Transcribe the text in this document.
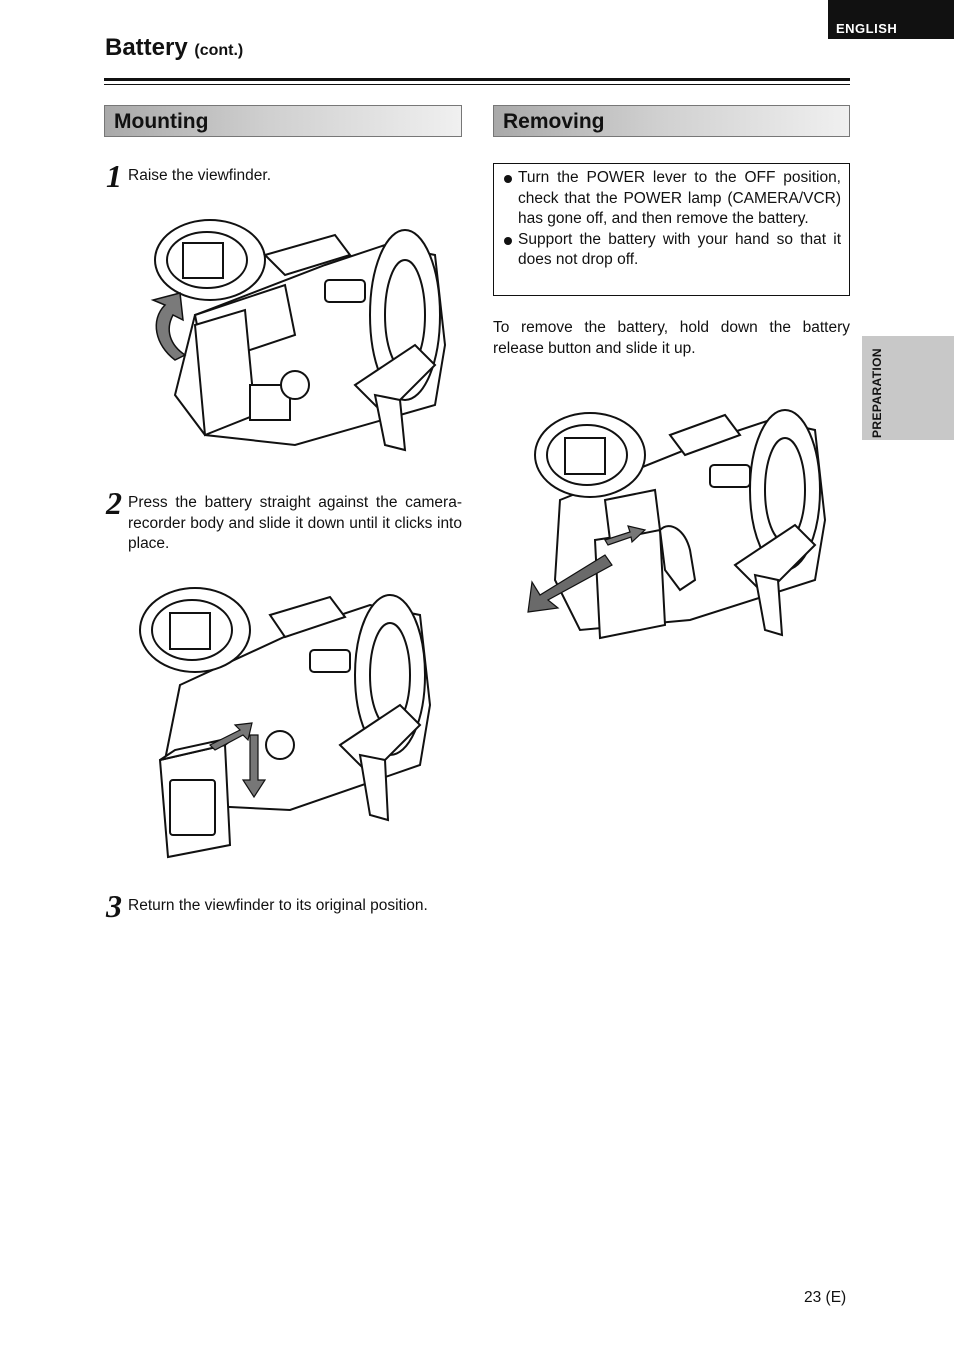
ENGLISH
PREPARATION
Battery (cont.)
Mounting
1 Raise the viewfinder.
2 Press the battery straight against the camera-recorder body and slide it down until it clicks into place.
3 Return the viewfinder to its original position.
Removing
Turn the POWER lever to the OFF position, check that the POWER lamp (CAMERA/VCR) has gone off, and then remove the battery.
Support the battery with your hand so that it does not drop off.
To remove the battery, hold down the battery release button and slide it up.
23 (E)
